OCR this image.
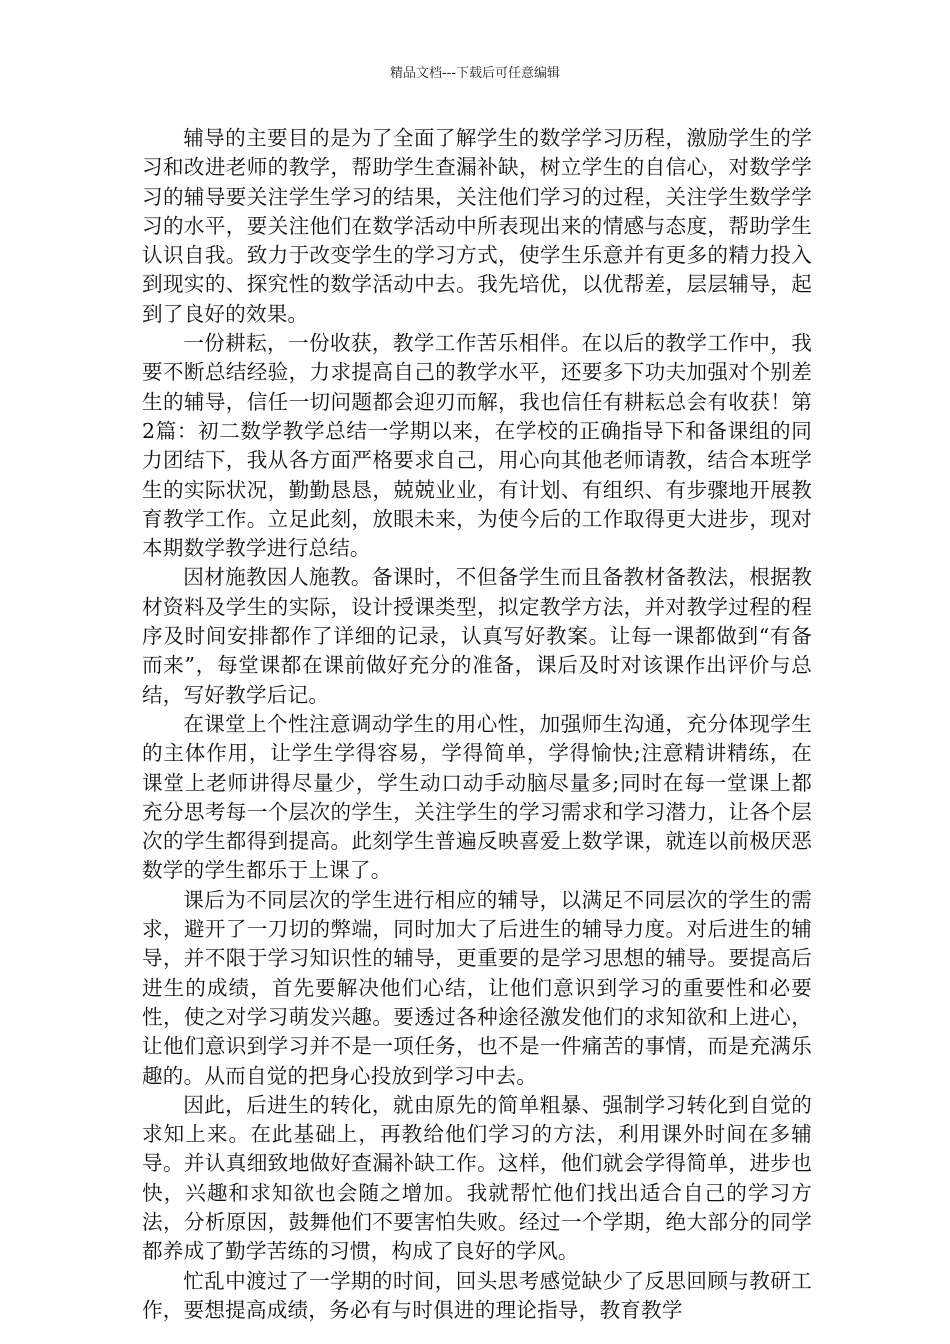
精品文档---下载后可任意编辑

辅导的主要目的是为了全面了解学生的数学学习历程，激励学生的学习和改进老师的教学，帮助学生查漏补缺，树立学生的自信心，对数学学习的辅导要关注学生学习的结果，关注他们学习的过程，关注学生数学学习的水平，要关注他们在数学活动中所表现出来的情感与态度，帮助学生认识自我。致力于改变学生的学习方式，使学生乐意并有更多的精力投入到现实的、探究性的数学活动中去。我先培优，以优帮差，层层辅导，起到了良好的效果。

一份耕耘，一份收获，教学工作苦乐相伴。在以后的教学工作中，我要不断总结经验，力求提高自己的教学水平，还要多下功夫加强对个别差生的辅导，信任一切问题都会迎刃而解，我也信任有耕耘总会有收获！第2篇：初二数学教学总结一学期以来，在学校的正确指导下和备课组的同力团结下，我从各方面严格要求自己，用心向其他老师请教，结合本班学生的实际状况，勤勤恳恳，兢兢业业，有计划、有组织、有步骤地开展教育教学工作。立足此刻，放眼未来，为使今后的工作取得更大进步，现对本期数学教学进行总结。

因材施教因人施教。备课时，不但备学生而且备教材备教法，根据教材资料及学生的实际，设计授课类型，拟定教学方法，并对教学过程的程序及时间安排都作了详细的记录，认真写好教案。让每一课都做到“有备而来”，每堂课都在课前做好充分的准备，课后及时对该课作出评价与总结，写好教学后记。

在课堂上个性注意调动学生的用心性，加强师生沟通，充分体现学生的主体作用，让学生学得容易，学得简单，学得愉快;注意精讲精练，在课堂上老师讲得尽量少，学生动口动手动脑尽量多;同时在每一堂课上都充分思考每一个层次的学生，关注学生的学习需求和学习潜力，让各个层次的学生都得到提高。此刻学生普遍反映喜爱上数学课，就连以前极厌恶数学的学生都乐于上课了。

课后为不同层次的学生进行相应的辅导，以满足不同层次的学生的需求，避开了一刀切的弊端，同时加大了后进生的辅导力度。对后进生的辅导，并不限于学习知识性的辅导，更重要的是学习思想的辅导。要提高后进生的成绩，首先要解决他们心结，让他们意识到学习的重要性和必要性，使之对学习萌发兴趣。要透过各种途径激发他们的求知欲和上进心，让他们意识到学习并不是一项任务，也不是一件痛苦的事情，而是充满乐趣的。从而自觉的把身心投放到学习中去。

因此，后进生的转化，就由原先的简单粗暴、强制学习转化到自觉的求知上来。在此基础上，再教给他们学习的方法，利用课外时间在多辅导。并认真细致地做好查漏补缺工作。这样，他们就会学得简单，进步也快，兴趣和求知欲也会随之增加。我就帮忙他们找出适合自己的学习方法，分析原因，鼓舞他们不要害怕失败。经过一个学期，绝大部分的同学都养成了勤学苦练的习惯，构成了良好的学风。

忙乱中渡过了一学期的时间，回头思考感觉缺少了反思回顾与教研工作，要想提高成绩，务必有与时俱进的理论指导，教育教学
